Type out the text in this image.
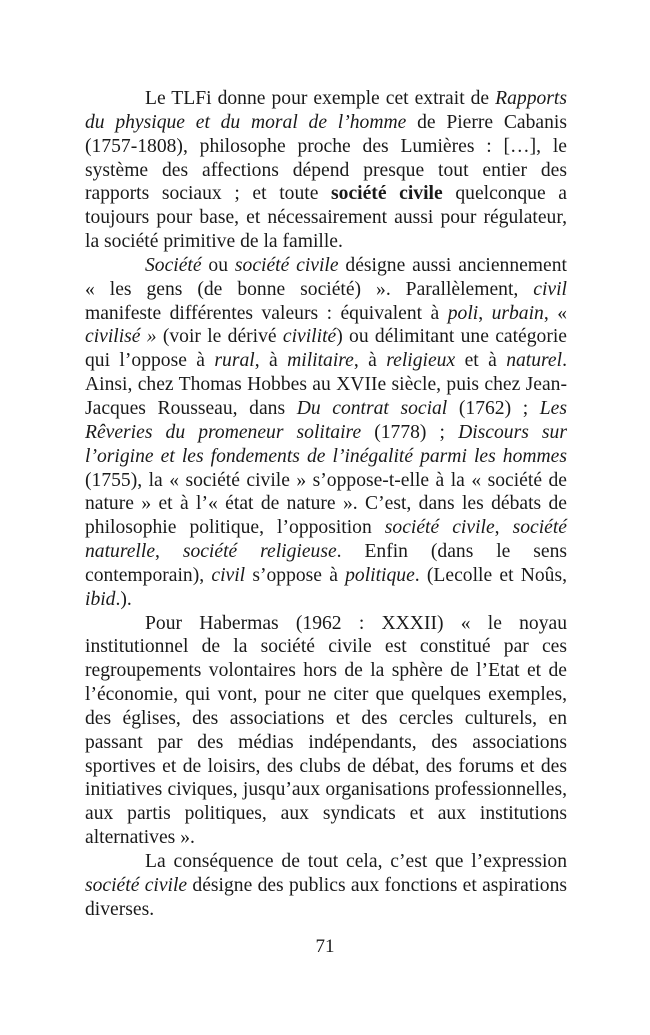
Le TLFi donne pour exemple cet extrait de Rapports du physique et du moral de l’homme de Pierre Cabanis (1757-1808), philosophe proche des Lumières : […], le système des affections dépend presque tout entier des rapports sociaux ; et toute société civile quelconque a toujours pour base, et nécessairement aussi pour régulateur, la société primitive de la famille.

Société ou société civile désigne aussi anciennement « les gens (de bonne société) ». Parallèlement, civil manifeste différentes valeurs : équivalent à poli, urbain, « civilisé » (voir le dérivé civilité) ou délimitant une catégorie qui l’oppose à rural, à militaire, à religieux et à naturel. Ainsi, chez Thomas Hobbes au XVIIe siècle, puis chez Jean-Jacques Rousseau, dans Du contrat social (1762) ; Les Rêveries du promeneur solitaire (1778) ; Discours sur l’origine et les fondements de l’inégalité parmi les hommes (1755), la « société civile » s’oppose-t-elle à la « société de nature » et à l’« état de nature ». C’est, dans les débats de philosophie politique, l’opposition société civile, société naturelle, société religieuse. Enfin (dans le sens contemporain), civil s’oppose à politique. (Lecolle et Noûs, ibid.).

Pour Habermas (1962 : XXXII) « le noyau institutionnel de la société civile est constitué par ces regroupements volontaires hors de la sphère de l’Etat et de l’économie, qui vont, pour ne citer que quelques exemples, des églises, des associations et des cercles culturels, en passant par des médias indépendants, des associations sportives et de loisirs, des clubs de débat, des forums et des initiatives civiques, jusqu’aux organisations professionnelles, aux partis politiques, aux syndicats et aux institutions alternatives ».

La conséquence de tout cela, c’est que l’expression société civile désigne des publics aux fonctions et aspirations diverses.

71
